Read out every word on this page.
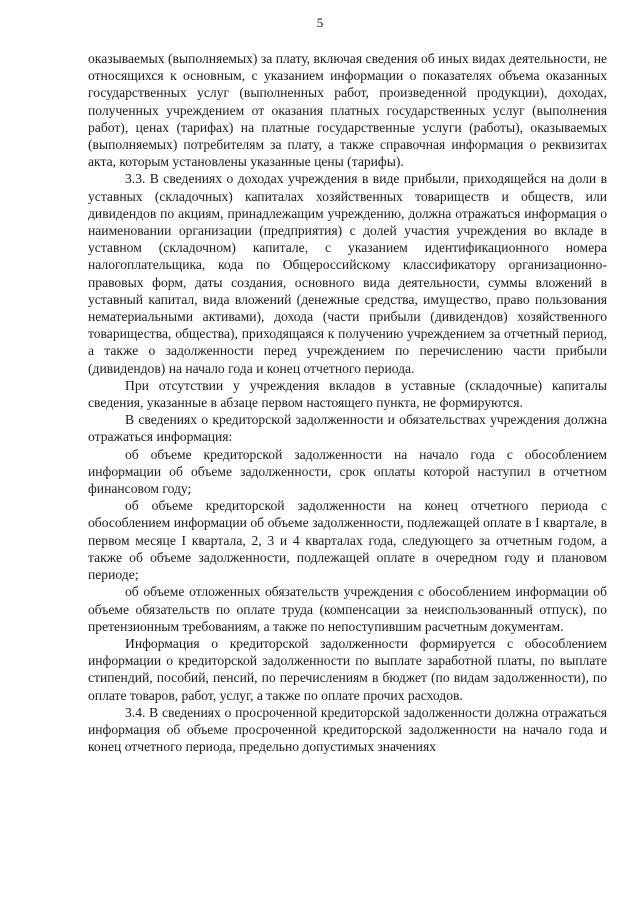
5

оказываемых (выполняемых) за плату, включая сведения об иных видах деятельности, не относящихся к основным, с указанием информации о показателях объема оказанных государственных услуг (выполненных работ, произведенной продукции), доходах, полученных учреждением от оказания платных государственных услуг (выполнения работ), ценах (тарифах) на платные государственные услуги (работы), оказываемых (выполняемых) потребителям за плату, а также справочная информация о реквизитах акта, которым установлены указанные цены (тарифы).

3.3. В сведениях о доходах учреждения в виде прибыли, приходящейся на доли в уставных (складочных) капиталах хозяйственных товариществ и обществ, или дивидендов по акциям, принадлежащим учреждению, должна отражаться информация о наименовании организации (предприятия) с долей участия учреждения во вкладе в уставном (складочном) капитале, с указанием идентификационного номера налогоплательщика, кода по Общероссийскому классификатору организационно-правовых форм, даты создания, основного вида деятельности, суммы вложений в уставный капитал, вида вложений (денежные средства, имущество, право пользования нематериальными активами), дохода (части прибыли (дивидендов) хозяйственного товарищества, общества), приходящаяся к получению учреждением за отчетный период, а также о задолженности перед учреждением по перечислению части прибыли (дивидендов) на начало года и конец отчетного периода.

При отсутствии у учреждения вкладов в уставные (складочные) капиталы сведения, указанные в абзаце первом настоящего пункта, не формируются.

В сведениях о кредиторской задолженности и обязательствах учреждения должна отражаться информация:

об объеме кредиторской задолженности на начало года с обособлением информации об объеме задолженности, срок оплаты которой наступил в отчетном финансовом году;

об объеме кредиторской задолженности на конец отчетного периода с обособлением информации об объеме задолженности, подлежащей оплате в I квартале, в первом месяце I квартала, 2, 3 и 4 кварталах года, следующего за отчетным годом, а также об объеме задолженности, подлежащей оплате в очередном году и плановом периоде;

об объеме отложенных обязательств учреждения с обособлением информации об объеме обязательств по оплате труда (компенсации за неиспользованный отпуск), по претензионным требованиям, а также по непоступившим расчетным документам.

Информация о кредиторской задолженности формируется с обособлением информации о кредиторской задолженности по выплате заработной платы, по выплате стипендий, пособий, пенсий, по перечислениям в бюджет (по видам задолженности), по оплате товаров, работ, услуг, а также по оплате прочих расходов.

3.4. В сведениях о просроченной кредиторской задолженности должна отражаться информация об объеме просроченной кредиторской задолженности на начало года и конец отчетного периода, предельно допустимых значениях
